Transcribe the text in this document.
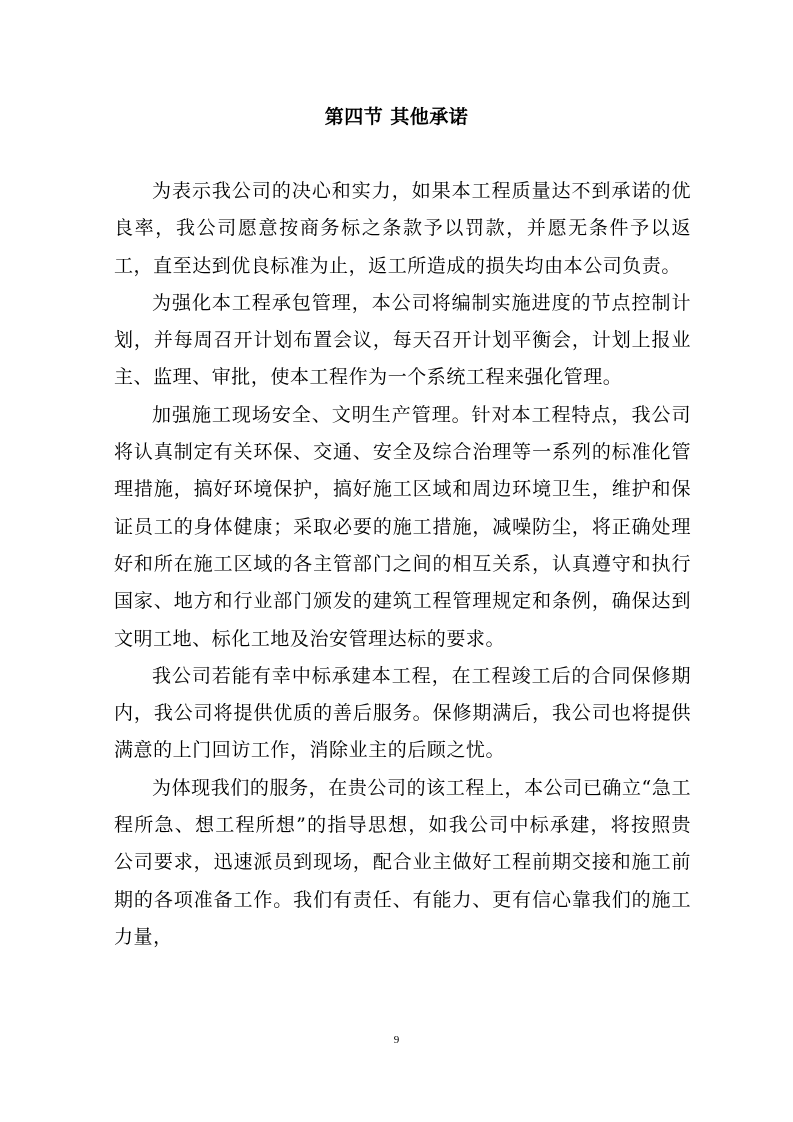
第四节 其他承诺

为表示我公司的决心和实力，如果本工程质量达不到承诺的优良率，我公司愿意按商务标之条款予以罚款，并愿无条件予以返工，直至达到优良标准为止，返工所造成的损失均由本公司负责。

为强化本工程承包管理，本公司将编制实施进度的节点控制计划，并每周召开计划布置会议，每天召开计划平衡会，计划上报业主、监理、审批，使本工程作为一个系统工程来强化管理。

加强施工现场安全、文明生产管理。针对本工程特点，我公司将认真制定有关环保、交通、安全及综合治理等一系列的标准化管理措施，搞好环境保护，搞好施工区域和周边环境卫生，维护和保证员工的身体健康；采取必要的施工措施，减噪防尘，将正确处理好和所在施工区域的各主管部门之间的相互关系，认真遵守和执行国家、地方和行业部门颁发的建筑工程管理规定和条例，确保达到文明工地、标化工地及治安管理达标的要求。

我公司若能有幸中标承建本工程，在工程竣工后的合同保修期内，我公司将提供优质的善后服务。保修期满后，我公司也将提供满意的上门回访工作，消除业主的后顾之忧。

为体现我们的服务，在贵公司的该工程上，本公司已确立“急工程所急、想工程所想”的指导思想，如我公司中标承建，将按照贵公司要求，迅速派员到现场，配合业主做好工程前期交接和施工前期的各项准备工作。我们有责任、有能力、更有信心靠我们的施工力量，

9
